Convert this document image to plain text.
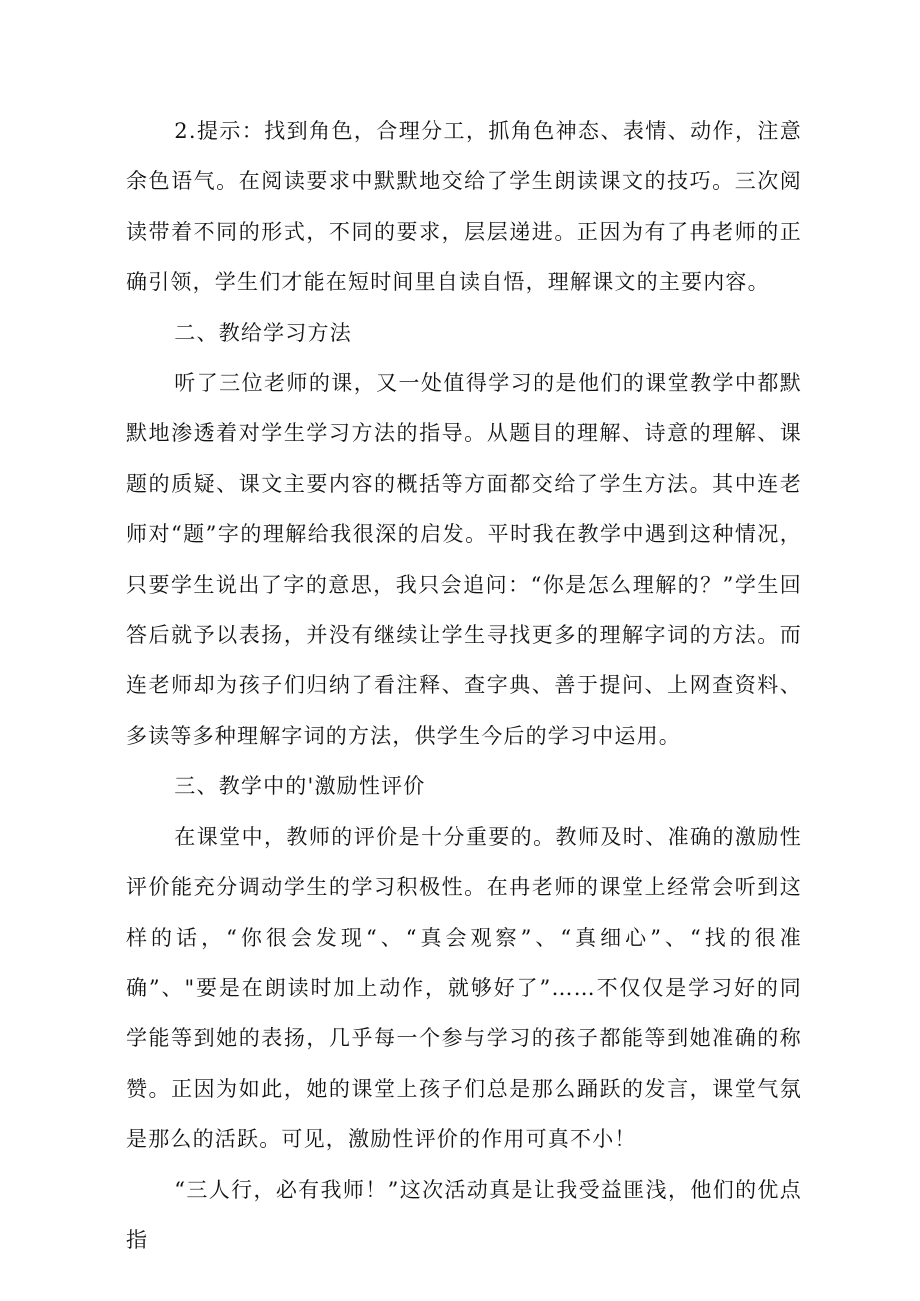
2.提示：找到角色，合理分工，抓角色神态、表情、动作，注意余色语气。在阅读要求中默默地交给了学生朗读课文的技巧。三次阅读带着不同的形式，不同的要求，层层递进。正因为有了冉老师的正确引领，学生们才能在短时间里自读自悟，理解课文的主要内容。

二、教给学习方法

听了三位老师的课，又一处值得学习的是他们的课堂教学中都默默地渗透着对学生学习方法的指导。从题目的理解、诗意的理解、课题的质疑、课文主要内容的概括等方面都交给了学生方法。其中连老师对“题”字的理解给我很深的启发。平时我在教学中遇到这种情况，只要学生说出了字的意思，我只会追问：“你是怎么理解的？”学生回答后就予以表扬，并没有继续让学生寻找更多的理解字词的方法。而连老师却为孩子们归纳了看注释、查字典、善于提问、上网查资料、多读等多种理解字词的方法，供学生今后的学习中运用。

三、教学中的'激励性评价

在课堂中，教师的评价是十分重要的。教师及时、准确的激励性评价能充分调动学生的学习积极性。在冉老师的课堂上经常会听到这样的话，“你很会发现“、“真会观察”、“真细心”、“找的很准确”、"要是在朗读时加上动作，就够好了”……不仅仅是学习好的同学能等到她的表扬，几乎每一个参与学习的孩子都能等到她准确的称赞。正因为如此，她的课堂上孩子们总是那么踊跃的发言，课堂气氛是那么的活跃。可见，激励性评价的作用可真不小！

“三人行，必有我师！”这次活动真是让我受益匪浅，他们的优点指
